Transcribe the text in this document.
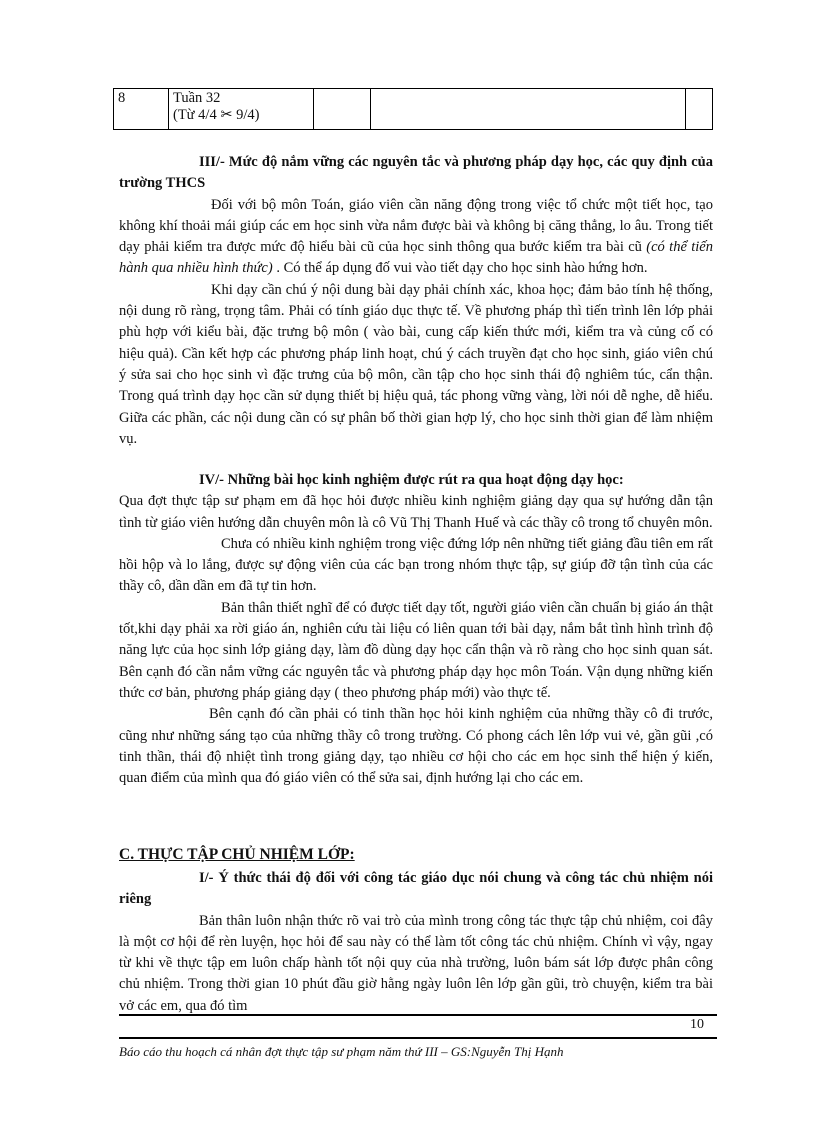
8	Tuần 32
(Từ 4/4 ✂ 9/4)

III/- Mức độ nắm vững các nguyên tắc và phương pháp dạy học, các quy định của trường THCS

Đối với bộ môn Toán, giáo viên cần năng động trong việc tổ chức một tiết học, tạo không khí thoải mái giúp các em học sinh vừa nắm được bài và không bị căng thẳng, lo âu. Trong tiết dạy phải kiểm tra được mức độ hiểu bài cũ của học sinh thông qua bước kiểm tra bài cũ (có thể tiến hành qua nhiều hình thức) . Có thể áp dụng đố vui vào tiết dạy cho học sinh hào hứng hơn.

Khi dạy cần chú ý nội dung bài dạy phải chính xác, khoa học; đảm bảo tính hệ thống, nội dung rõ ràng, trọng tâm. Phải có tính giáo dục thực tế. Về phương pháp thì tiến trình lên lớp phải phù hợp với kiểu bài, đặc trưng bộ môn ( vào bài, cung cấp kiến thức mới, kiểm tra và củng cố có hiệu quả). Cần kết hợp các phương pháp linh hoạt, chú ý cách truyền đạt cho học sinh, giáo viên chú ý sửa sai cho học sinh vì đặc trưng của bộ môn, cần tập cho học sinh thái độ nghiêm túc, cẩn thận. Trong quá trình dạy học cần sử dụng thiết bị hiệu quả, tác phong vững vàng, lời nói dễ nghe, dễ hiểu. Giữa các phần, các nội dung cần có sự phân bố thời gian hợp lý, cho học sinh thời gian để làm nhiệm vụ.

IV/- Những bài học kinh nghiệm được rút ra qua hoạt động dạy học:

Qua đợt thực tập sư phạm em đã học hỏi được nhiều kinh nghiệm giảng dạy qua sự hướng dẫn tận tình từ giáo viên hướng dẫn chuyên môn là cô Vũ Thị Thanh Huế và các thầy cô trong tổ chuyên môn.

Chưa có nhiều kinh nghiệm trong việc đứng lớp nên những tiết giảng đầu tiên em rất hồi hộp và lo lắng, được sự động viên của các bạn trong nhóm thực tập, sự giúp đỡ tận tình của các thầy cô, dần dần em đã tự tin hơn.

Bản thân thiết nghĩ để có được tiết dạy tốt, người giáo viên cần chuẩn bị giáo án thật tốt,khi dạy phải xa rời giáo án, nghiên cứu tài liệu có liên quan tới bài dạy, nắm bắt tình hình trình độ năng lực của học sinh lớp giảng dạy, làm đồ dùng dạy học cẩn thận và rõ ràng cho học sinh quan sát. Bên cạnh đó cần nắm vững các nguyên tắc và phương pháp dạy học môn Toán. Vận dụng những kiến thức cơ bản, phương pháp giảng dạy ( theo phương pháp mới) vào thực tế.

Bên cạnh đó cần phải có tinh thần học hỏi kinh nghiệm của những thầy cô đi trước, cũng như những sáng tạo của những thầy cô trong trường. Có phong cách lên lớp vui vẻ, gần gũi ,có tinh thần, thái độ nhiệt tình trong giảng dạy, tạo nhiều cơ hội cho các em học sinh thể hiện ý kiến, quan điểm của mình qua đó giáo viên có thể sửa sai, định hướng lại cho các em.

C. THỰC TẬP CHỦ NHIỆM LỚP:

I/- Ý thức thái độ đối với công tác giáo dục nói chung và công tác chủ nhiệm nói riêng

Bản thân luôn nhận thức rõ vai trò của mình trong công tác thực tập chủ nhiệm, coi đây là một cơ hội để rèn luyện, học hỏi để sau này có thể làm tốt công tác chủ nhiệm. Chính vì vậy, ngay từ khi về thực tập em luôn chấp hành tốt nội quy của nhà trường, luôn bám sát lớp được phân công chủ nhiệm. Trong thời gian 10 phút đầu giờ hằng ngày luôn lên lớp gần gũi, trò chuyện, kiểm tra bài vở các em, qua đó tìm

10
Báo cáo thu hoạch cá nhân đợt thực tập sư phạm năm thứ III – GS:Nguyễn Thị Hạnh
